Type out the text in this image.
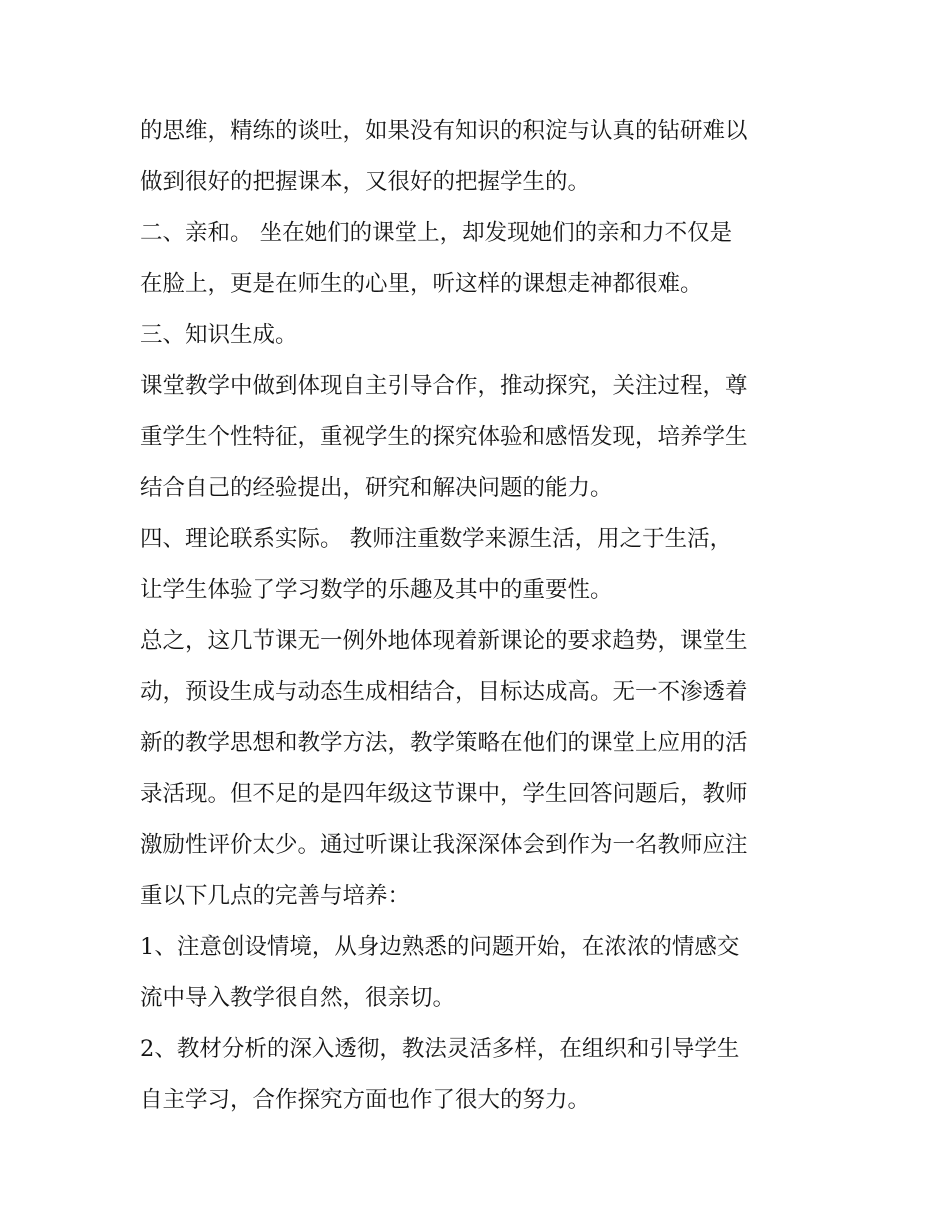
的思维，精练的谈吐，如果没有知识的积淀与认真的钻研难以
做到很好的把握课本，又很好的把握学生的。
二、亲和。 坐在她们的课堂上，却发现她们的亲和力不仅是
在脸上，更是在师生的心里，听这样的课想走神都很难。
三、知识生成。
课堂教学中做到体现自主引导合作，推动探究，关注过程，尊
重学生个性特征，重视学生的探究体验和感悟发现，培养学生
结合自己的经验提出，研究和解决问题的能力。
四、理论联系实际。 教师注重数学来源生活，用之于生活，
让学生体验了学习数学的乐趣及其中的重要性。
总之，这几节课无一例外地体现着新课论的要求趋势，课堂生
动，预设生成与动态生成相结合，目标达成高。无一不渗透着
新的教学思想和教学方法，教学策略在他们的课堂上应用的活
录活现。但不足的是四年级这节课中，学生回答问题后，教师
激励性评价太少。通过听课让我深深体会到作为一名教师应注
重以下几点的完善与培养：
1、注意创设情境，从身边熟悉的问题开始，在浓浓的情感交
流中导入教学很自然，很亲切。
2、教材分析的深入透彻，教法灵活多样，在组织和引导学生
自主学习，合作探究方面也作了很大的努力。
